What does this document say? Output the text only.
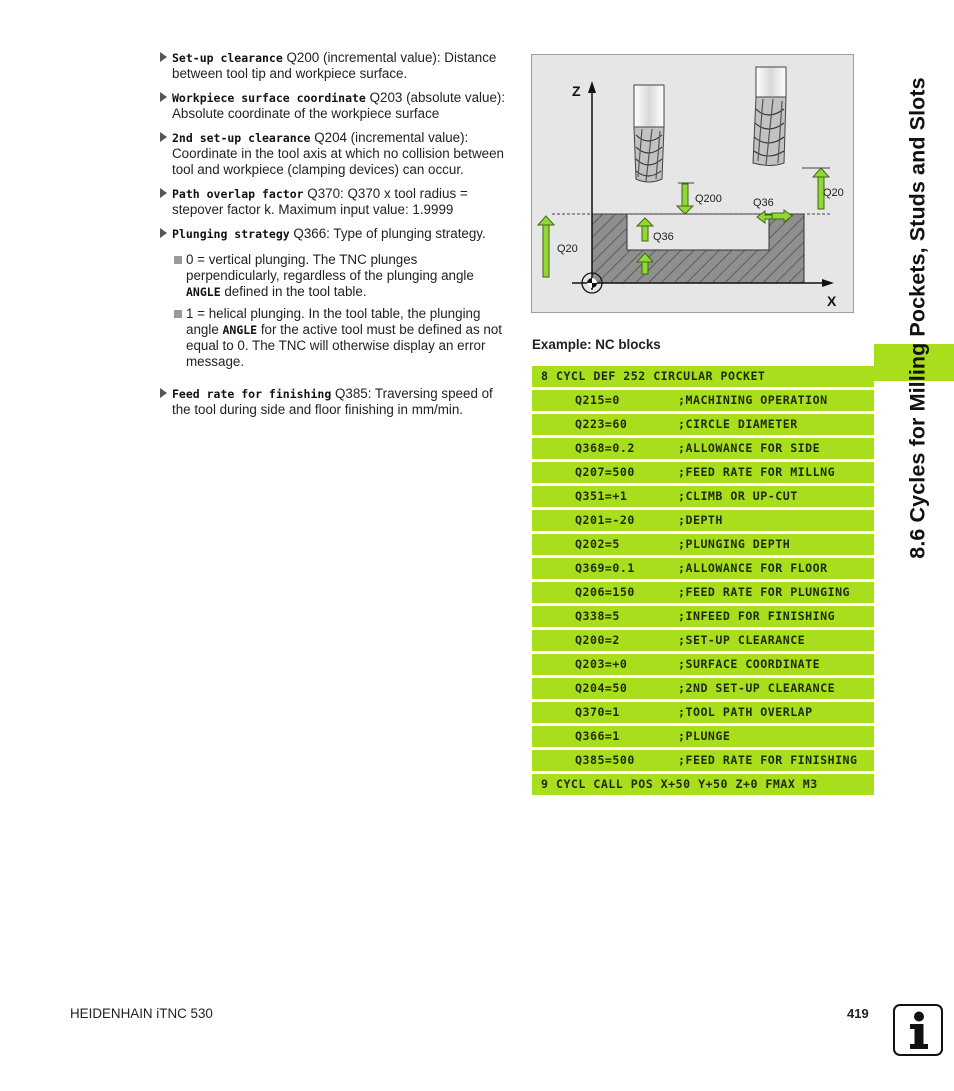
Set-up clearance Q200 (incremental value): Distance between tool tip and workpiece surface.
Workpiece surface coordinate Q203 (absolute value): Absolute coordinate of the workpiece surface
2nd set-up clearance Q204 (incremental value): Coordinate in the tool axis at which no collision between tool and workpiece (clamping devices) can occur.
Path overlap factor Q370: Q370 x tool radius = stepover factor k. Maximum input value: 1.9999
Plunging strategy Q366: Type of plunging strategy.
0 = vertical plunging. The TNC plunges perpendicularly, regardless of the plunging angle ANGLE defined in the tool table.
1 = helical plunging. In the tool table, the plunging angle ANGLE for the active tool must be defined as not equal to 0. The TNC will otherwise display an error message.
Feed rate for finishing Q385: Traversing speed of the tool during side and floor finishing in mm/min.
Z
X
Q200	Q36
Q20
Q36
Q20
Example: NC blocks
8 CYCL DEF 252 CIRCULAR POCKET
Q215=0	;MACHINING OPERATION
Q223=60	;CIRCLE DIAMETER
Q368=0.2	;ALLOWANCE FOR SIDE
Q207=500	;FEED RATE FOR MILLNG
Q351=+1	;CLIMB OR UP-CUT
Q201=-20	;DEPTH
Q202=5	;PLUNGING DEPTH
Q369=0.1	;ALLOWANCE FOR FLOOR
Q206=150	;FEED RATE FOR PLUNGING
Q338=5	;INFEED FOR FINISHING
Q200=2	;SET-UP CLEARANCE
Q203=+0	;SURFACE COORDINATE
Q204=50	;2ND SET-UP CLEARANCE
Q370=1	;TOOL PATH OVERLAP
Q366=1	;PLUNGE
Q385=500	;FEED RATE FOR FINISHING
9 CYCL CALL POS X+50 Y+50 Z+0 FMAX M3
8.6 Cycles for Milling Pockets, Studs and Slots
HEIDENHAIN iTNC 530	419
